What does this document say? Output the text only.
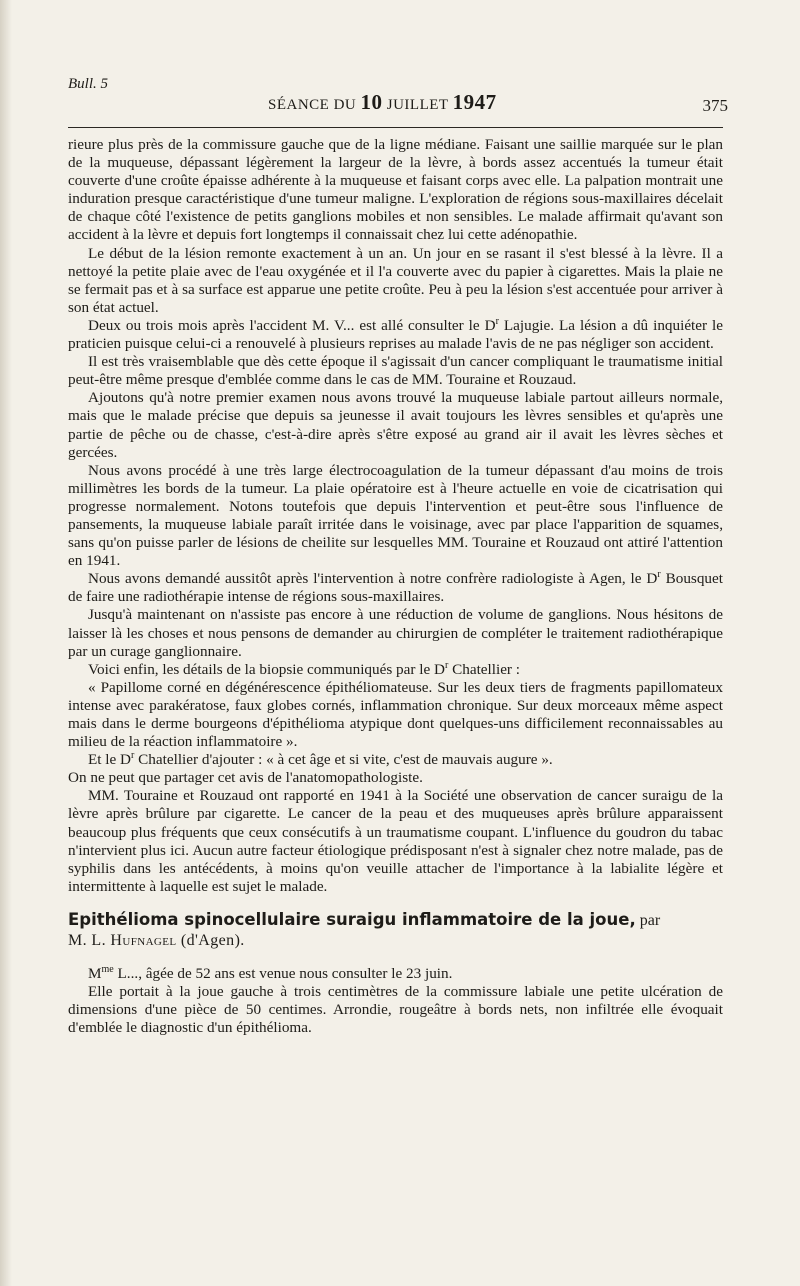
Bull. 5
SÉANCE DU 10 JUILLET 1947	375

rieure plus près de la commissure gauche que de la ligne médiane. Faisant une saillie marquée sur le plan de la muqueuse, dépassant légèrement la largeur de la lèvre, à bords assez accentués la tumeur était couverte d'une croûte épaisse adhérente à la muqueuse et faisant corps avec elle. La palpation montrait une induration presque caractéristique d'une tumeur maligne. L'exploration de régions sous-maxillaires décelait de chaque côté l'existence de petits ganglions mobiles et non sensibles. Le malade affirmait qu'avant son accident à la lèvre et depuis fort longtemps il connaissait chez lui cette adénopathie.

Le début de la lésion remonte exactement à un an. Un jour en se rasant il s'est blessé à la lèvre. Il a nettoyé la petite plaie avec de l'eau oxygénée et il l'a couverte avec du papier à cigarettes. Mais la plaie ne se fermait pas et à sa surface est apparue une petite croûte. Peu à peu la lésion s'est accentuée pour arriver à son état actuel.

Deux ou trois mois après l'accident M. V... est allé consulter le $D^r$ Lajugie. La lésion a dû inquiéter le praticien puisque celui-ci a renouvelé à plusieurs reprises au malade l'avis de ne pas négliger son accident.

Il est très vraisemblable que dès cette époque il s'agissait d'un cancer compliquant le traumatisme initial peut-être même presque d'emblée comme dans le cas de MM. Touraine et Rouzaud.

Ajoutons qu'à notre premier examen nous avons trouvé la muqueuse labiale partout ailleurs normale, mais que le malade précise que depuis sa jeunesse il avait toujours les lèvres sensibles et qu'après une partie de pêche ou de chasse, c'est-à-dire après s'être exposé au grand air il avait les lèvres sèches et gercées.

Nous avons procédé à une très large électrocoagulation de la tumeur dépassant d'au moins de trois millimètres les bords de la tumeur. La plaie opératoire est à l'heure actuelle en voie de cicatrisation qui progresse normalement. Notons toutefois que depuis l'intervention et peut-être sous l'influence de pansements, la muqueuse labiale paraît irritée dans le voisinage, avec par place l'apparition de squames, sans qu'on puisse parler de lésions de cheilite sur lesquelles MM. Touraine et Rouzaud ont attiré l'attention en 1941.

Nous avons demandé aussitôt après l'intervention à notre confrère radiologiste à Agen, le $D^r$ Bousquet de faire une radiothérapie intense de régions sous-maxillaires.

Jusqu'à maintenant on n'assiste pas encore à une réduction de volume de ganglions. Nous hésitons de laisser là les choses et nous pensons de demander au chirurgien de compléter le traitement radiothérapique par un curage ganglionnaire.

Voici enfin, les détails de la biopsie communiqués par le $D^r$ Chatellier :

« Papillome corné en dégénérescence épithéliomateuse. Sur les deux tiers de fragments papillomateux intense avec parakératose, faux globes cornés, inflammation chronique. Sur deux morceaux même aspect mais dans le derme bourgeons d'épithélioma atypique dont quelques-uns difficilement reconnaissables au milieu de la réaction inflammatoire ».

Et le $D^r$ Chatellier d'ajouter : « à cet âge et si vite, c'est de mauvais augure ».

On ne peut que partager cet avis de l'anatomopathologiste.

MM. Touraine et Rouzaud ont rapporté en 1941 à la Société une observation de cancer suraigu de la lèvre après brûlure par cigarette. Le cancer de la peau et des muqueuses après brûlure apparaissent beaucoup plus fréquents que ceux consécutifs à un traumatisme coupant. L'influence du goudron du tabac n'intervient plus ici. Aucun autre facteur étiologique prédisposant n'est à signaler chez notre malade, pas de syphilis dans les antécédents, à moins qu'on veuille attacher de l'importance à la labialite légère et intermittente à laquelle est sujet le malade.

Epithélioma spinocellulaire suraigu inflammatoire de la joue, par
M. L. Hufnagel (d'Agen).

$M^{me}$ L..., âgée de 52 ans est venue nous consulter le 23 juin.

Elle portait à la joue gauche à trois centimètres de la commissure labiale une petite ulcération de dimensions d'une pièce de 50 centimes. Arrondie, rougeâtre à bords nets, non infiltrée elle évoquait d'emblée le diagnostic d'un épithélioma.
